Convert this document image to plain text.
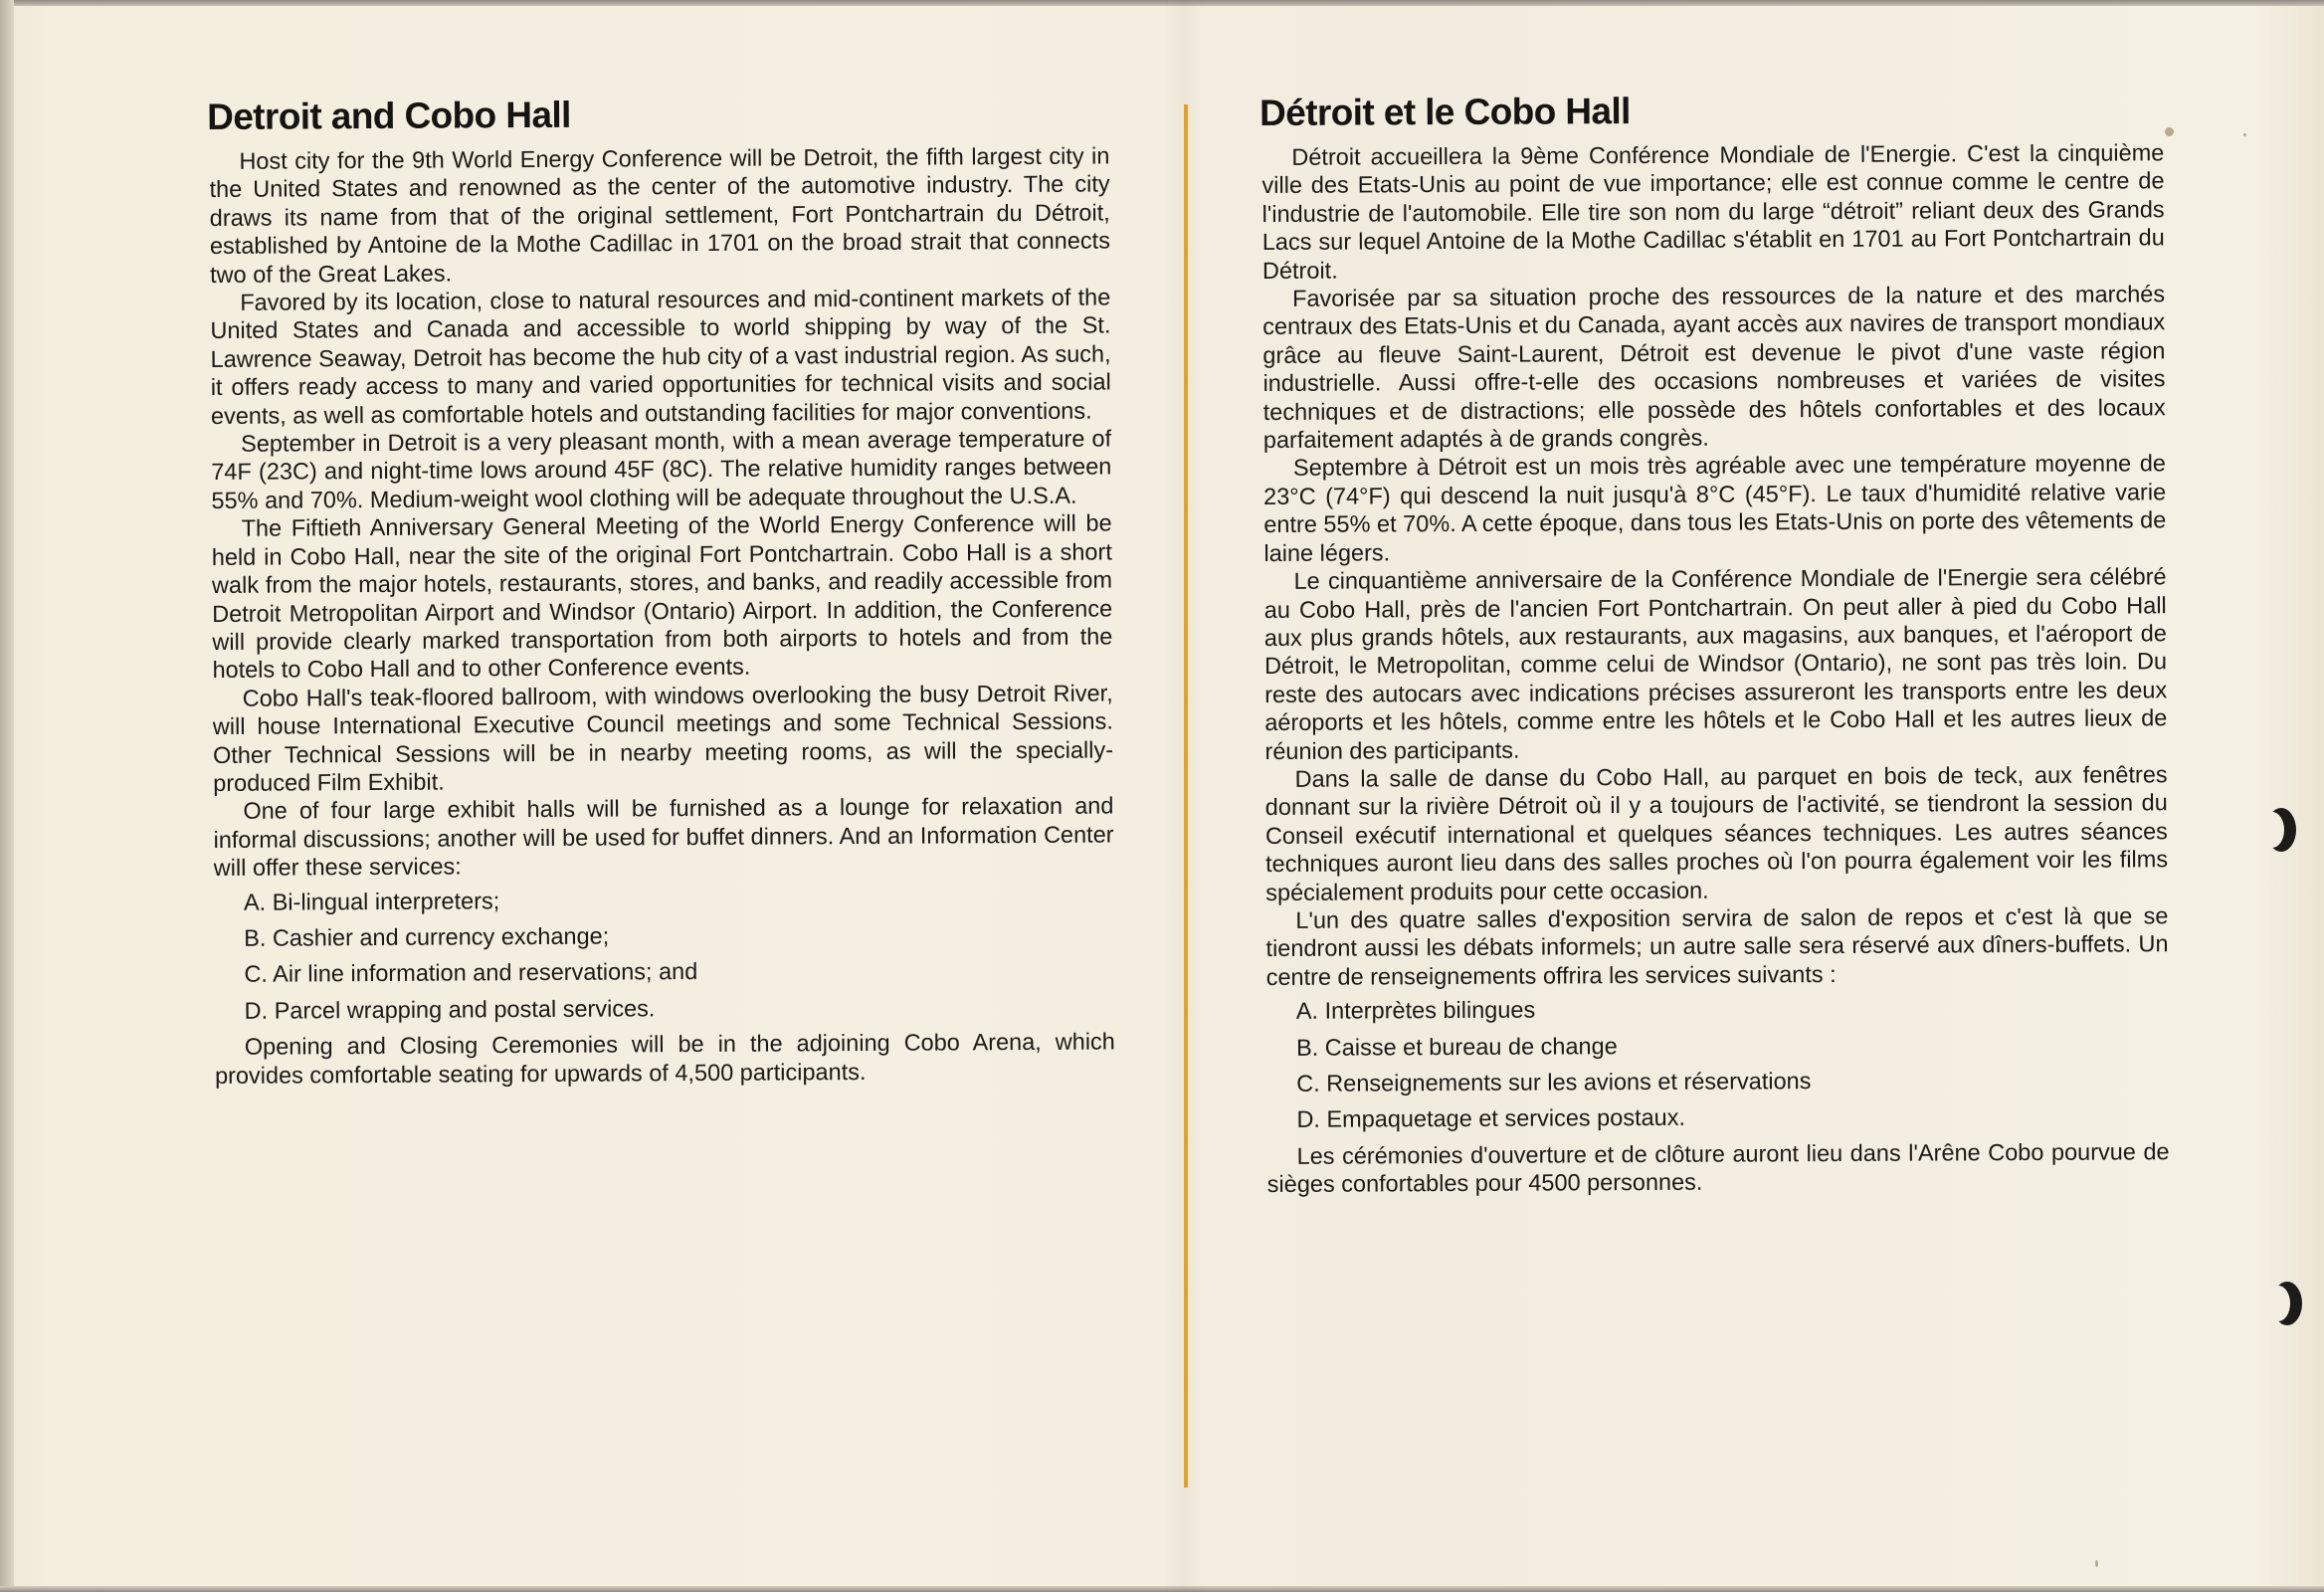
Detroit and Cobo Hall

Host city for the 9th World Energy Conference will be Detroit, the fifth largest city in the United States and renowned as the center of the automotive industry. The city draws its name from that of the original settlement, Fort Pontchartrain du Détroit, established by Antoine de la Mothe Cadillac in 1701 on the broad strait that connects two of the Great Lakes.

Favored by its location, close to natural resources and mid-continent markets of the United States and Canada and accessible to world shipping by way of the St. Lawrence Seaway, Detroit has become the hub city of a vast industrial region. As such, it offers ready access to many and varied opportunities for technical visits and social events, as well as comfortable hotels and outstanding facilities for major conventions.

September in Detroit is a very pleasant month, with a mean average temperature of 74F (23C) and night-time lows around 45F (8C). The relative humidity ranges between 55% and 70%. Medium-weight wool clothing will be adequate throughout the U.S.A.

The Fiftieth Anniversary General Meeting of the World Energy Conference will be held in Cobo Hall, near the site of the original Fort Pontchartrain. Cobo Hall is a short walk from the major hotels, restaurants, stores, and banks, and readily accessible from Detroit Metropolitan Airport and Windsor (Ontario) Airport. In addition, the Conference will provide clearly marked transportation from both airports to hotels and from the hotels to Cobo Hall and to other Conference events.

Cobo Hall's teak-floored ballroom, with windows overlooking the busy Detroit River, will house International Executive Council meetings and some Technical Sessions. Other Technical Sessions will be in nearby meeting rooms, as will the specially-produced Film Exhibit.

One of four large exhibit halls will be furnished as a lounge for relaxation and informal discussions; another will be used for buffet dinners. And an Information Center will offer these services:

A. Bi-lingual interpreters;
B. Cashier and currency exchange;
C. Air line information and reservations; and
D. Parcel wrapping and postal services.

Opening and Closing Ceremonies will be in the adjoining Cobo Arena, which provides comfortable seating for upwards of 4,500 participants.

Détroit et le Cobo Hall

Détroit accueillera la 9ème Conférence Mondiale de l'Energie. C'est la cinquième ville des Etats-Unis au point de vue importance; elle est connue comme le centre de l'industrie de l'automobile. Elle tire son nom du large “détroit” reliant deux des Grands Lacs sur lequel Antoine de la Mothe Cadillac s'établit en 1701 au Fort Pontchartrain du Détroit.

Favorisée par sa situation proche des ressources de la nature et des marchés centraux des Etats-Unis et du Canada, ayant accès aux navires de transport mondiaux grâce au fleuve Saint-Laurent, Détroit est devenue le pivot d'une vaste région industrielle. Aussi offre-t-elle des occasions nombreuses et variées de visites techniques et de distractions; elle possède des hôtels confortables et des locaux parfaitement adaptés à de grands congrès.

Septembre à Détroit est un mois très agréable avec une température moyenne de 23°C (74°F) qui descend la nuit jusqu'à 8°C (45°F). Le taux d'humidité relative varie entre 55% et 70%. A cette époque, dans tous les Etats-Unis on porte des vêtements de laine légers.

Le cinquantième anniversaire de la Conférence Mondiale de l'Energie sera célébré au Cobo Hall, près de l'ancien Fort Pontchartrain. On peut aller à pied du Cobo Hall aux plus grands hôtels, aux restaurants, aux magasins, aux banques, et l'aéroport de Détroit, le Metropolitan, comme celui de Windsor (Ontario), ne sont pas très loin. Du reste des autocars avec indications précises assureront les transports entre les deux aéroports et les hôtels, comme entre les hôtels et le Cobo Hall et les autres lieux de réunion des participants.

Dans la salle de danse du Cobo Hall, au parquet en bois de teck, aux fenêtres donnant sur la rivière Détroit où il y a toujours de l'activité, se tiendront la session du Conseil exécutif international et quelques séances techniques. Les autres séances techniques auront lieu dans des salles proches où l'on pourra également voir les films spécialement produits pour cette occasion.

L'un des quatre salles d'exposition servira de salon de repos et c'est là que se tiendront aussi les débats informels; un autre salle sera réservé aux dîners-buffets. Un centre de renseignements offrira les services suivants :

A. Interprètes bilingues
B. Caisse et bureau de change
C. Renseignements sur les avions et réservations
D. Empaquetage et services postaux.

Les cérémonies d'ouverture et de clôture auront lieu dans l'Arêne Cobo pourvue de sièges confortables pour 4500 personnes.
